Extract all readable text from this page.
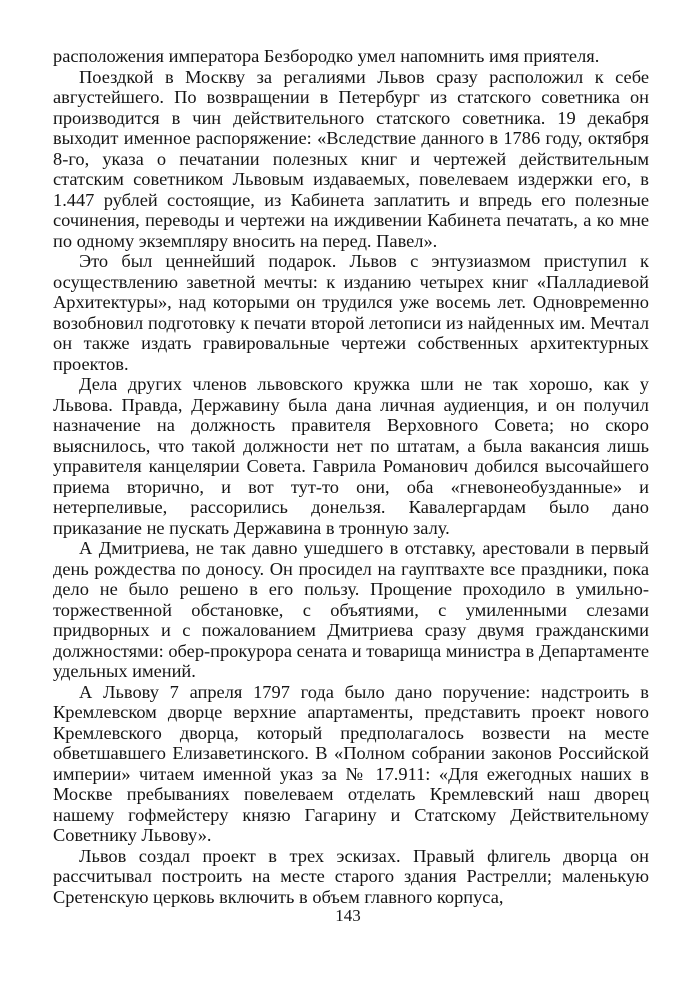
расположения императора Безбородко умел напомнить имя приятеля.

Поездкой в Москву за регалиями Львов сразу расположил к себе августейшего. По возвращении в Петербург из статского советника он производится в чин действительного статского советника. 19 декабря выходит именное распоряжение: «Вследствие данного в 1786 году, октября 8-го, указа о печатании полезных книг и чертежей действительным статским советником Львовым издаваемых, повелеваем издержки его, в 1.447 рублей состоящие, из Кабинета заплатить и впредь его полезные сочинения, переводы и чертежи на иждивении Кабинета печатать, а ко мне по одному экземпляру вносить на перед. Павел».

Это был ценнейший подарок. Львов с энтузиазмом приступил к осуществлению заветной мечты: к изданию четырех книг «Палладиевой Архитектуры», над которыми он трудился уже восемь лет. Одновременно возобновил подготовку к печати второй летописи из найденных им. Мечтал он также издать гравировальные чертежи собственных архитектурных проектов.

Дела других членов львовского кружка шли не так хорошо, как у Львова. Правда, Державину была дана личная аудиенция, и он получил назначение на должность правителя Верховного Совета; но скоро выяснилось, что такой должности нет по штатам, а была вакансия лишь управителя канцелярии Совета. Гаврила Романович добился высочайшего приема вторично, и вот тут-то они, оба «гневонеобузданные» и нетерпеливые, рассорились донельзя. Кавалергардам было дано приказание не пускать Державина в тронную залу.

А Дмитриева, не так давно ушедшего в отставку, арестовали в первый день рождества по доносу. Он просидел на гауптвахте все праздники, пока дело не было решено в его пользу. Прощение проходило в умильно-торжественной обстановке, с объятиями, с умиленными слезами придворных и с пожалованием Дмитриева сразу двумя гражданскими должностями: обер-прокурора сената и товарища министра в Департаменте удельных имений.

А Львову 7 апреля 1797 года было дано поручение: надстроить в Кремлевском дворце верхние апартаменты, представить проект нового Кремлевского дворца, который предполагалось возвести на месте обветшавшего Елизаветинского. В «Полном собрании законов Российской империи» читаем именной указ за № 17.911: «Для ежегодных наших в Москве пребываниях повелеваем отделать Кремлевский наш дворец нашему гофмейстеру князю Гагарину и Статскому Действительному Советнику Львову».

Львов создал проект в трех эскизах. Правый флигель дворца он рассчитывал построить на месте старого здания Растрелли; маленькую Сретенскую церковь включить в объем главного корпуса,

143
